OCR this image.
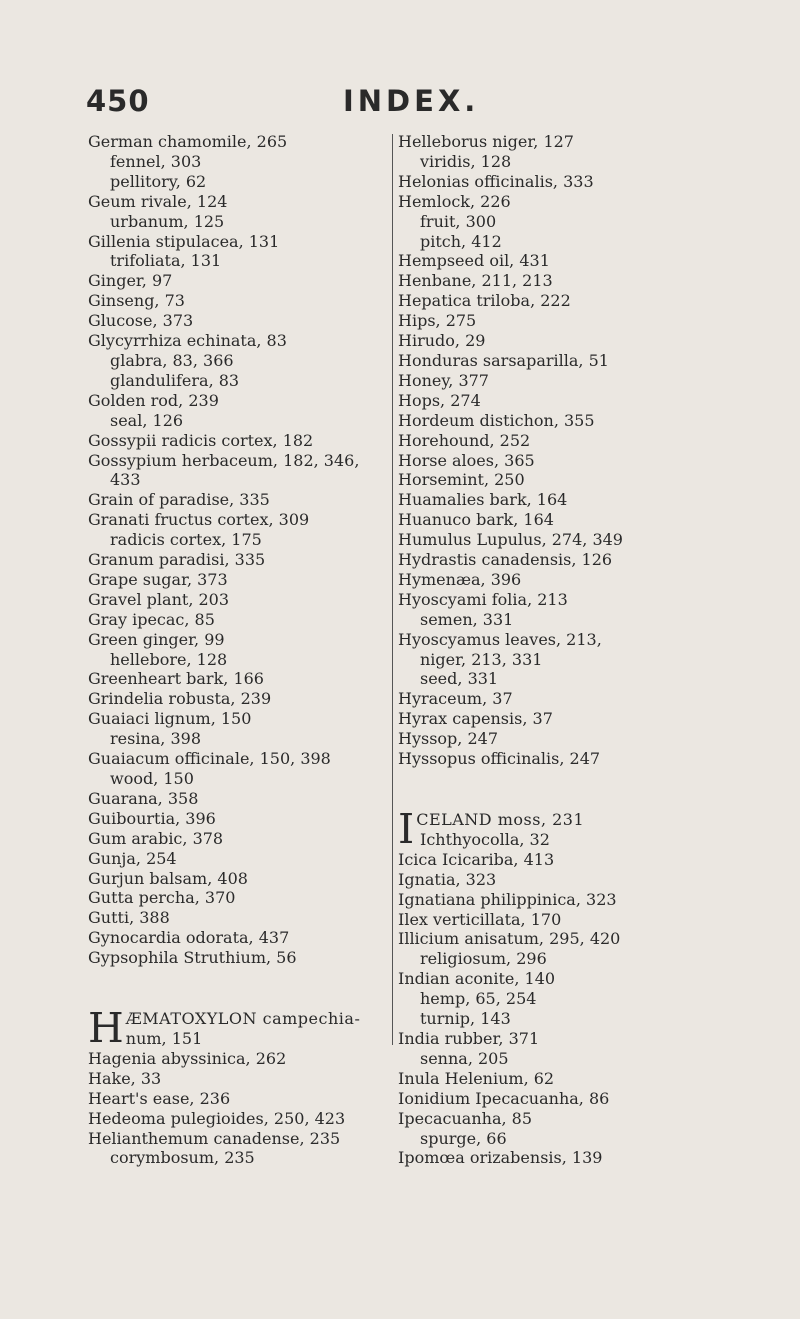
450	INDEX.
German chamomile, 265
fennel, 303
pellitory, 62
Geum rivale, 124
urbanum, 125
Gillenia stipulacea, 131
trifoliata, 131
Ginger, 97
Ginseng, 73
Glucose, 373
Glycyrrhiza echinata, 83
glabra, 83, 366
glandulifera, 83
Golden rod, 239
seal, 126
Gossypii radicis cortex, 182
Gossypium herbaceum, 182, 346,
433
Grain of paradise, 335
Granati fructus cortex, 309
radicis cortex, 175
Granum paradisi, 335
Grape sugar, 373
Gravel plant, 203
Gray ipecac, 85
Green ginger, 99
hellebore, 128
Greenheart bark, 166
Grindelia robusta, 239
Guaiaci lignum, 150
resina, 398
Guaiacum officinale, 150, 398
wood, 150
Guarana, 358
Guibourtia, 396
Gum arabic, 378
Gunja, 254
Gurjun balsam, 408
Gutta percha, 370
Gutti, 388
Gynocardia odorata, 437
Gypsophila Struthium, 56
H ÆMATOXYLON campechia-
num, 151
Hagenia abyssinica, 262
Hake, 33
Heart's ease, 236
Hedeoma pulegioides, 250, 423
Helianthemum canadense, 235
corymbosum, 235
Helleborus niger, 127
viridis, 128
Helonias officinalis, 333
Hemlock, 226
fruit, 300
pitch, 412
Hempseed oil, 431
Henbane, 211, 213
Hepatica triloba, 222
Hips, 275
Hirudo, 29
Honduras sarsaparilla, 51
Honey, 377
Hops, 274
Hordeum distichon, 355
Horehound, 252
Horse aloes, 365
Horsemint, 250
Huamalies bark, 164
Huanuco bark, 164
Humulus Lupulus, 274, 349
Hydrastis canadensis, 126
Hymenæa, 396
Hyoscyami folia, 213
semen, 331
Hyoscyamus leaves, 213,
niger, 213, 331
seed, 331
Hyraceum, 37
Hyrax capensis, 37
Hyssop, 247
Hyssopus officinalis, 247
I CELAND moss, 231
Ichthyocolla, 32
Icica Icicariba, 413
Ignatia, 323
Ignatiana philippinica, 323
Ilex verticillata, 170
Illicium anisatum, 295, 420
religiosum, 296
Indian aconite, 140
hemp, 65, 254
turnip, 143
India rubber, 371
senna, 205
Inula Helenium, 62
Ionidium Ipecacuanha, 86
Ipecacuanha, 85
spurge, 66
Ipomœa orizabensis, 139
